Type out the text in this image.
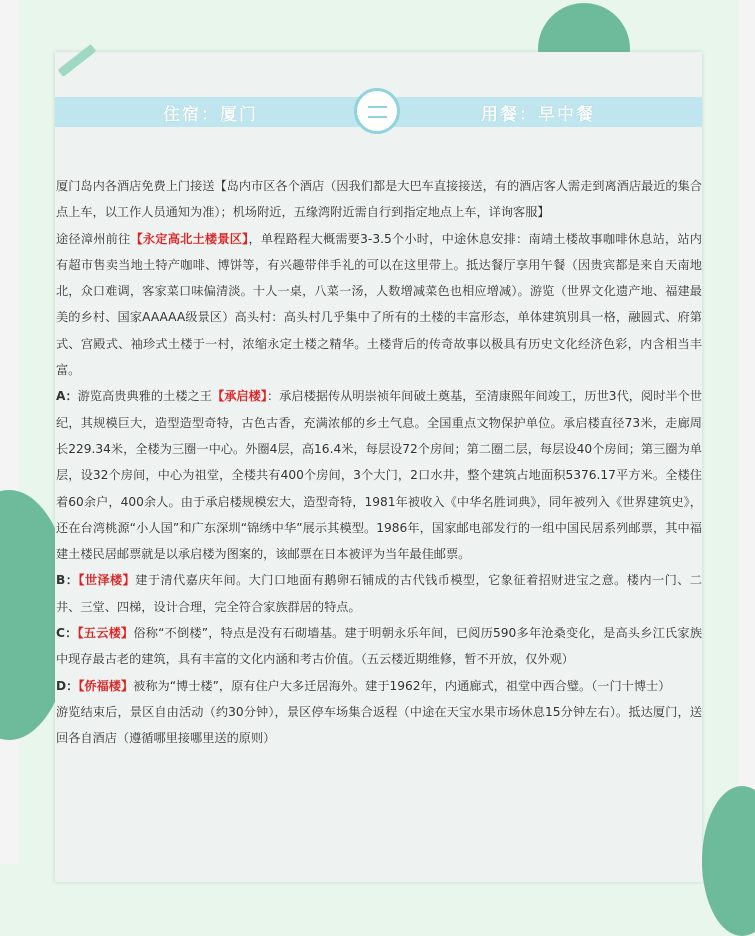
住宿：厦门	用餐：早中餐

厦门岛内各酒店免费上门接送【岛内市区各个酒店（因我们都是大巴车直接接送，有的酒店客人需走到离酒店最近的集合点上车，以工作人员通知为准）；机场附近，五缘湾附近需自行到指定地点上车，详询客服】

途径漳州前往【永定高北土楼景区】，单程路程大概需要3-3.5个小时，中途休息安排：南靖土楼故事咖啡休息站，站内有超市售卖当地土特产咖啡、博饼等，有兴趣带伴手礼的可以在这里带上。抵达餐厅享用午餐（因贵宾都是来自天南地北，众口难调，客家菜口味偏清淡。十人一桌，八菜一汤，人数增减菜色也相应增减）。游览（世界文化遗产地、福建最美的乡村、国家AAAAA级景区）高头村：高头村几乎集中了所有的土楼的丰富形态，单体建筑別具一格，融圆式、府第式、宫殿式、袖珍式土楼于一村，浓缩永定土楼之精华。土楼背后的传奇故事以极具有历史文化经济色彩，内含相当丰富。

A：游览高贵典雅的土楼之王【承启楼】：承启楼据传从明崇祯年间破土奠基，至清康熙年间竣工，历世3代，阅时半个世纪，其规模巨大，造型造型奇特，古色古香，充满浓郁的乡土气息。全国重点文物保护单位。承启楼直径73米，走廊周长229.34米，全楼为三圈一中心。外圈4层，高16.4米，每层设72个房间；第二圈二层，每层设40个房间；第三圈为单层，设32个房间，中心为祖堂，全楼共有400个房间，3个大门，2口水井，整个建筑占地面积5376.17平方米。全楼住着60余户，400余人。由于承启楼规模宏大，造型奇特，1981年被收入《中华名胜词典》，同年被列入《世界建筑史》，还在台湾桃源“小人国”和广东深圳“锦绣中华”展示其模型。1986年，国家邮电部发行的一组中国民居系列邮票，其中福建土楼民居邮票就是以承启楼为图案的，该邮票在日本被评为当年最佳邮票。

B：【世泽楼】建于清代嘉庆年间。大门口地面有鹅卵石铺成的古代钱币模型，它象征着招财进宝之意。楼内一门、二井、三堂、四梯，设计合理，完全符合家族群居的特点。

C：【五云楼】俗称“不倒楼”，特点是没有石砌墙基。建于明朝永乐年间，已阅历590多年沧桑变化，是高头乡江氏家族中现存最古老的建筑，具有丰富的文化内涵和考古价值。（五云楼近期维修，暂不开放，仅外观）

D：【侨福楼】被称为“博士楼”，原有住户大多迁居海外。建于1962年，内通廊式，祖堂中西合璧。（一门十博士）

游览结束后，景区自由活动（约30分钟），景区停车场集合返程（中途在天宝水果市场休息15分钟左右）。抵达厦门，送回各自酒店（遵循哪里接哪里送的原则）
